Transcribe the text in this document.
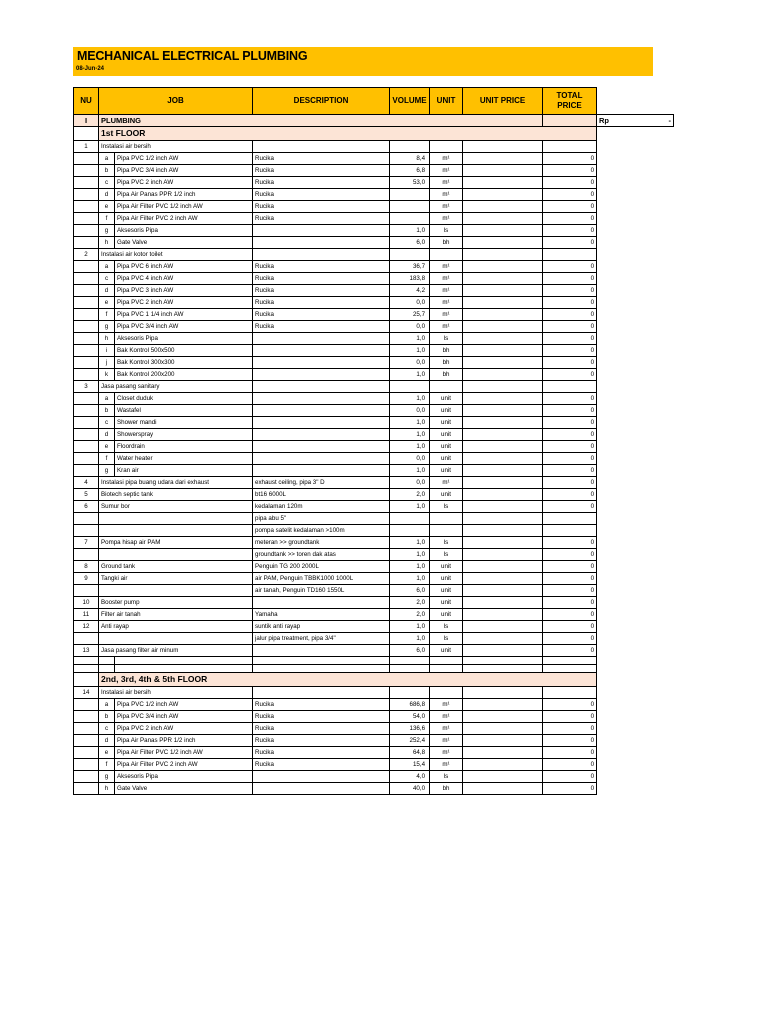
MECHANICAL ELECTRICAL PLUMBING
08-Jun-24
NU	JOB		DESCRIPTION	VOLUME	UNIT	UNIT PRICE	TOTAL PRICE	
I	PLUMBING							Rp -

	1st FLOOR							
1	Instalasi air bersih							
	a	Pipa PVC 1/2 inch AW	Rucika	8,4	m¹		0	
	b	Pipa PVC 3/4 inch AW	Rucika	6,8	m¹		0	
	c	Pipa PVC 2 inch AW	Rucika	53,0	m¹		0	
	d	Pipa Air Panas PPR 1/2 inch	Rucika		m¹		0	
	e	Pipa Air Filter PVC 1/2 inch AW	Rucika		m¹		0	
	f	Pipa Air Filter PVC 2 inch AW	Rucika		m¹		0	
	g	Aksesoris Pipa		1,0	ls		0	
	h	Gate Valve		6,0	bh		0	
2	Instalasi air kotor toilet							
	a	Pipa PVC 6 inch AW	Rucika	36,7	m¹		0	
	c	Pipa PVC 4 inch AW	Rucika	183,8	m¹		0	
	d	Pipa PVC 3 inch AW	Rucika	4,2	m¹		0	
	e	Pipa PVC 2 inch AW	Rucika	0,0	m¹		0	
	f	Pipa PVC 1 1/4 inch AW	Rucika	25,7	m¹		0	
	g	Pipa PVC 3/4 inch AW	Rucika	0,0	m¹		0	
	h	Aksesoris Pipa		1,0	ls		0	
	i	Bak Kontrol 500x500		1,0	bh		0	
	j	Bak Kontrol 300x300		0,0	bh		0	
	k	Bak Kontrol 200x200		1,0	bh		0	
3	Jasa pasang sanitary							
	a	Closet duduk		1,0	unit		0	
	b	Wastafel		0,0	unit		0	
	c	Shower mandi		1,0	unit		0	
	d	Showerspray		1,0	unit		0	
	e	Floordrain		1,0	unit		0	
	f	Water heater		0,0	unit		0	
	g	Kran air		1,0	unit		0	
4	Instalasi pipa buang udara dari exhaust		exhaust ceiling, pipa 3" D	0,0	m¹		0	
5	Biotech septic tank		bt16 6000L	2,0	unit		0	
6	Sumur bor		kedalaman 120m	1,0	ls		0	
			pipa abu 5"					
			pompa satelit kedalaman >100m					
7	Pompa hisap air PAM		meteran >> groundtank	1,0	ls		0	
			groundtank >> toren dak atas	1,0	ls		0	
8	Ground tank		Penguin TG 200 2000L	1,0	unit		0	
9	Tangki air		air PAM, Penguin TBBK1000 1000L	1,0	unit		0	
			air tanah, Penguin TD160 1550L	6,0	unit		0	
10	Booster pump			2,0	unit		0	
11	Filter air tanah		Yamaha	2,0	unit		0	
12	Anti rayap		suntik anti rayap	1,0	ls		0	
			jalur pipa treatment, pipa 3/4"	1,0	ls		0	
13	Jasa pasang filter air minum			6,0	unit		0	

	2nd, 3rd, 4th & 5th FLOOR							
14	Instalasi air bersih							
	a	Pipa PVC 1/2 inch AW	Rucika	686,8	m¹		0	
	b	Pipa PVC 3/4 inch AW	Rucika	54,0	m¹		0	
	c	Pipa PVC 2 inch AW	Rucika	136,6	m¹		0	
	d	Pipa Air Panas PPR 1/2 inch	Rucika	252,4	m¹		0	
	e	Pipa Air Filter PVC 1/2 inch AW	Rucika	64,8	m¹		0	
	f	Pipa Air Filter PVC 2 inch AW	Rucika	15,4	m¹		0	
	g	Aksesoris Pipa		4,0	ls		0	
	h	Gate Valve		40,0	bh		0	
